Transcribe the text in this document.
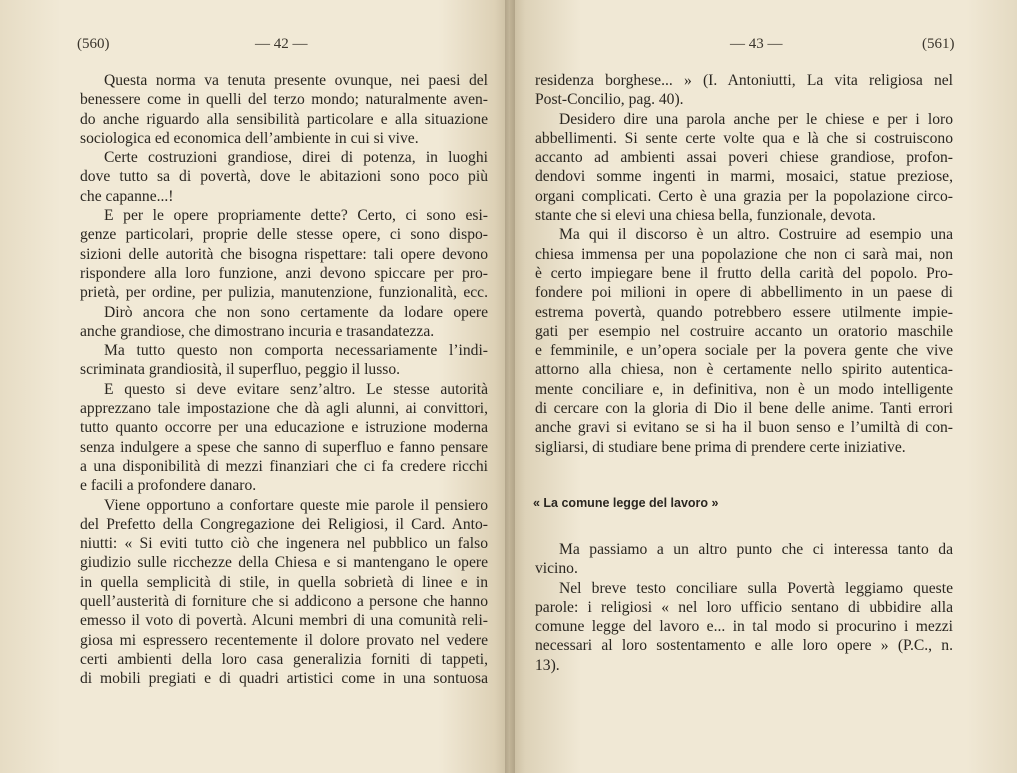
(560)	— 42 —
Questa norma va tenuta presente ovunque, nei paesi del
benessere come in quelli del terzo mondo; naturalmente aven-
do anche riguardo alla sensibilità particolare e alla situazione
sociologica ed economica dell’ambiente in cui si vive.
Certe costruzioni grandiose, direi di potenza, in luoghi
dove tutto sa di povertà, dove le abitazioni sono poco più
che capanne...!
E per le opere propriamente dette? Certo, ci sono esi-
genze particolari, proprie delle stesse opere, ci sono dispo-
sizioni delle autorità che bisogna rispettare: tali opere devono
rispondere alla loro funzione, anzi devono spiccare per pro-
prietà, per ordine, per pulizia, manutenzione, funzionalità, ecc.
Dirò ancora che non sono certamente da lodare opere
anche grandiose, che dimostrano incuria e trasandatezza.
Ma tutto questo non comporta necessariamente l’indi-
scriminata grandiosità, il superfluo, peggio il lusso.
E questo si deve evitare senz’altro. Le stesse autorità
apprezzano tale impostazione che dà agli alunni, ai convittori,
tutto quanto occorre per una educazione e istruzione moderna
senza indulgere a spese che sanno di superfluo e fanno pensare
a una disponibilità di mezzi finanziari che ci fa credere ricchi
e facili a profondere danaro.
Viene opportuno a confortare queste mie parole il pensiero
del Prefetto della Congregazione dei Religiosi, il Card. Anto-
niutti: « Si eviti tutto ciò che ingenera nel pubblico un falso
giudizio sulle ricchezze della Chiesa e si mantengano le opere
in quella semplicità di stile, in quella sobrietà di linee e in
quell’austerità di forniture che si addicono a persone che hanno
emesso il voto di povertà. Alcuni membri di una comunità reli-
giosa mi espressero recentemente il dolore provato nel vedere
certi ambienti della loro casa generalizia forniti di tappeti,
di mobili pregiati e di quadri artistici come in una sontuosa
— 43 —	(561)
residenza borghese... » (I. Antoniutti, La vita religiosa nel
Post-Concilio, pag. 40).
Desidero dire una parola anche per le chiese e per i loro
abbellimenti. Si sente certe volte qua e là che si costruiscono
accanto ad ambienti assai poveri chiese grandiose, profon-
dendovi somme ingenti in marmi, mosaici, statue preziose,
organi complicati. Certo è una grazia per la popolazione circo-
stante che si elevi una chiesa bella, funzionale, devota.
Ma qui il discorso è un altro. Costruire ad esempio una
chiesa immensa per una popolazione che non ci sarà mai, non
è certo impiegare bene il frutto della carità del popolo. Pro-
fondere poi milioni in opere di abbellimento in un paese di
estrema povertà, quando potrebbero essere utilmente impie-
gati per esempio nel costruire accanto un oratorio maschile
e femminile, e un’opera sociale per la povera gente che vive
attorno alla chiesa, non è certamente nello spirito autentica-
mente conciliare e, in definitiva, non è un modo intelligente
di cercare con la gloria di Dio il bene delle anime. Tanti errori
anche gravi si evitano se si ha il buon senso e l’umiltà di con-
sigliarsi, di studiare bene prima di prendere certe iniziative.
« La comune legge del lavoro »
Ma passiamo a un altro punto che ci interessa tanto da
vicino.
Nel breve testo conciliare sulla Povertà leggiamo queste
parole: i religiosi « nel loro ufficio sentano di ubbidire alla
comune legge del lavoro e... in tal modo si procurino i mezzi
necessari al loro sostentamento e alle loro opere » (P.C., n.
13).
